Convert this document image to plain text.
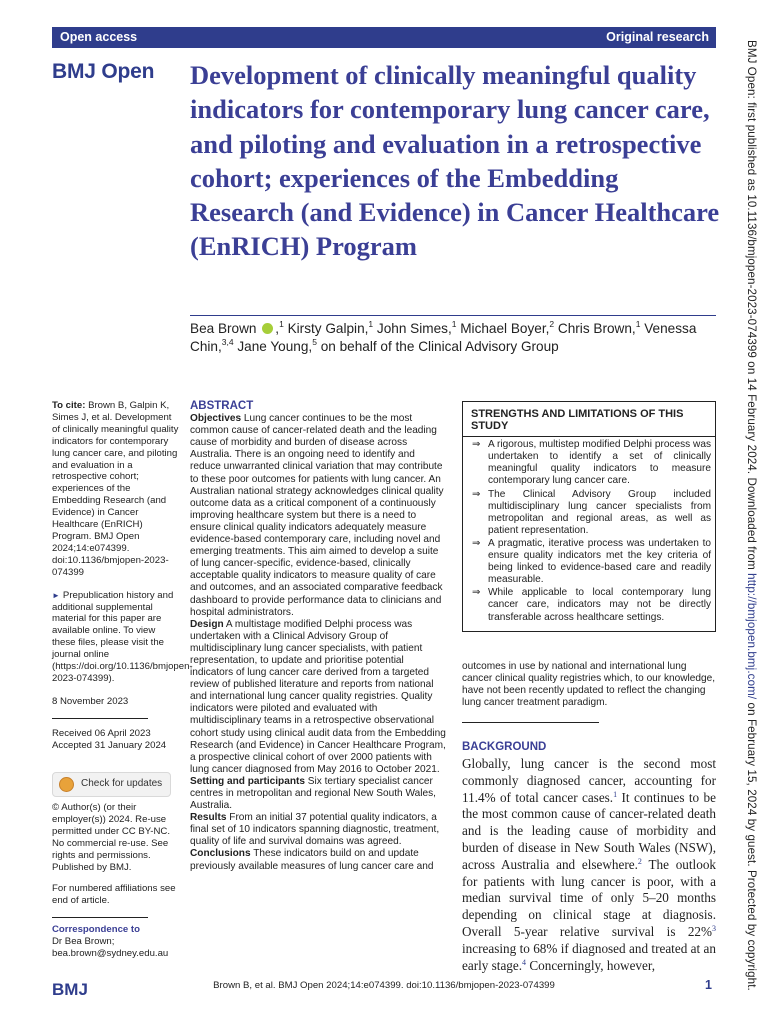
Open access	Original research
BMJ Open Development of clinically meaningful quality indicators for contemporary lung cancer care, and piloting and evaluation in a retrospective cohort; experiences of the Embedding Research (and Evidence) in Cancer Healthcare (EnRICH) Program
Bea Brown ,$^1$ Kirsty Galpin,$^1$ John Simes,$^1$ Michael Boyer,$^2$ Chris Brown,$^1$ Venessa Chin,$^{3,4}$ Jane Young,$^5$ on behalf of the Clinical Advisory Group

To cite: Brown B, Galpin K, Simes J, et al. Development of clinically meaningful quality indicators for contemporary lung cancer care, and piloting and evaluation in a retrospective cohort; experiences of the Embedding Research (and Evidence) in Cancer Healthcare (EnRICH) Program. BMJ Open 2024;14:e074399. doi:10.1136/bmjopen-2023-074399

► Prepublication history and additional supplemental material for this paper are available online. To view these files, please visit the journal online (https://doi.org/10.1136/bmjopen-2023-074399).

8 November 2023

Received 06 April 2023

Accepted 31 January 2024

Check for updates

© Author(s) (or their employer(s)) 2024. Re-use permitted under CC BY-NC. No commercial re-use. See rights and permissions. Published by BMJ.

For numbered affiliations see end of article.

Correspondence to

Dr Bea Brown;

bea.brown@sydney.edu.au

ABSTRACT

Objectives Lung cancer continues to be the most common cause of cancer-related death and the leading cause of morbidity and burden of disease across Australia. There is an ongoing need to identify and reduce unwarranted clinical variation that may contribute to these poor outcomes for patients with lung cancer. An Australian national strategy acknowledges clinical quality outcome data as a critical component of a continuously improving healthcare system but there is a need to ensure clinical quality indicators adequately measure evidence-based contemporary care, including novel and emerging treatments. This aim aimed to develop a suite of lung cancer-specific, evidence-based, clinically acceptable quality indicators to measure quality of care and outcomes, and an associated comparative feedback dashboard to provide performance data to clinicians and hospital administrators.

Design A multistage modified Delphi process was undertaken with a Clinical Advisory Group of multidisciplinary lung cancer specialists, with patient representation, to update and prioritise potential indicators of lung cancer care derived from a targeted review of published literature and reports from national and international lung cancer quality registries. Quality indicators were piloted and evaluated with multidisciplinary teams in a retrospective observational cohort study using clinical audit data from the Embedding Research (and Evidence) in Cancer Healthcare Program, a prospective clinical cohort of over 2000 patients with lung cancer diagnosed from May 2016 to October 2021.

Setting and participants Six tertiary specialist cancer centres in metropolitan and regional New South Wales, Australia.

Results From an initial 37 potential quality indicators, a final set of 10 indicators spanning diagnostic, treatment, quality of life and survival domains was agreed.

Conclusions These indicators build on and update previously available measures of lung cancer care and

STRENGTHS AND LIMITATIONS OF THIS STUDY
⇒ A rigorous, multistep modified Delphi process was undertaken to identify a set of clinically meaningful quality indicators to measure contemporary lung cancer care.
⇒ The Clinical Advisory Group included multidisciplinary lung cancer specialists from metropolitan and regional areas, as well as patient representation.
⇒ A pragmatic, iterative process was undertaken to ensure quality indicators met the key criteria of being linked to evidence-based care and readily measurable.
⇒ While applicable to local contemporary lung cancer care, indicators may not be directly transferable across healthcare settings.
outcomes in use by national and international lung cancer clinical quality registries which, to our knowledge, have not been recently updated to reflect the changing lung cancer treatment paradigm.
BACKGROUND
Globally, lung cancer is the second most commonly diagnosed cancer, accounting for 11.4% of total cancer cases.$^1$ It continues to be the most common cause of cancer-related death and is the leading cause of morbidity and burden of disease in New South Wales (NSW), across Australia and elsewhere.$^2$ The outlook for patients with lung cancer is poor, with a median survival time of only 5–20 months depending on clinical stage at diagnosis. Overall 5-year relative survival is 22%$^3$ increasing to 68% if diagnosed and treated at an early stage.$^4$ Concerningly, however,
BMJ Open: first published as 10.1136/bmjopen-2023-074399 on 14 February 2024. Downloaded from http://bmjopen.bmj.com/ on February 15, 2024 by guest. Protected by copyright.
Brown B, et al. BMJ Open 2024;14:e074399. doi:10.1136/bmjopen-2023-074399
BMJ	1
